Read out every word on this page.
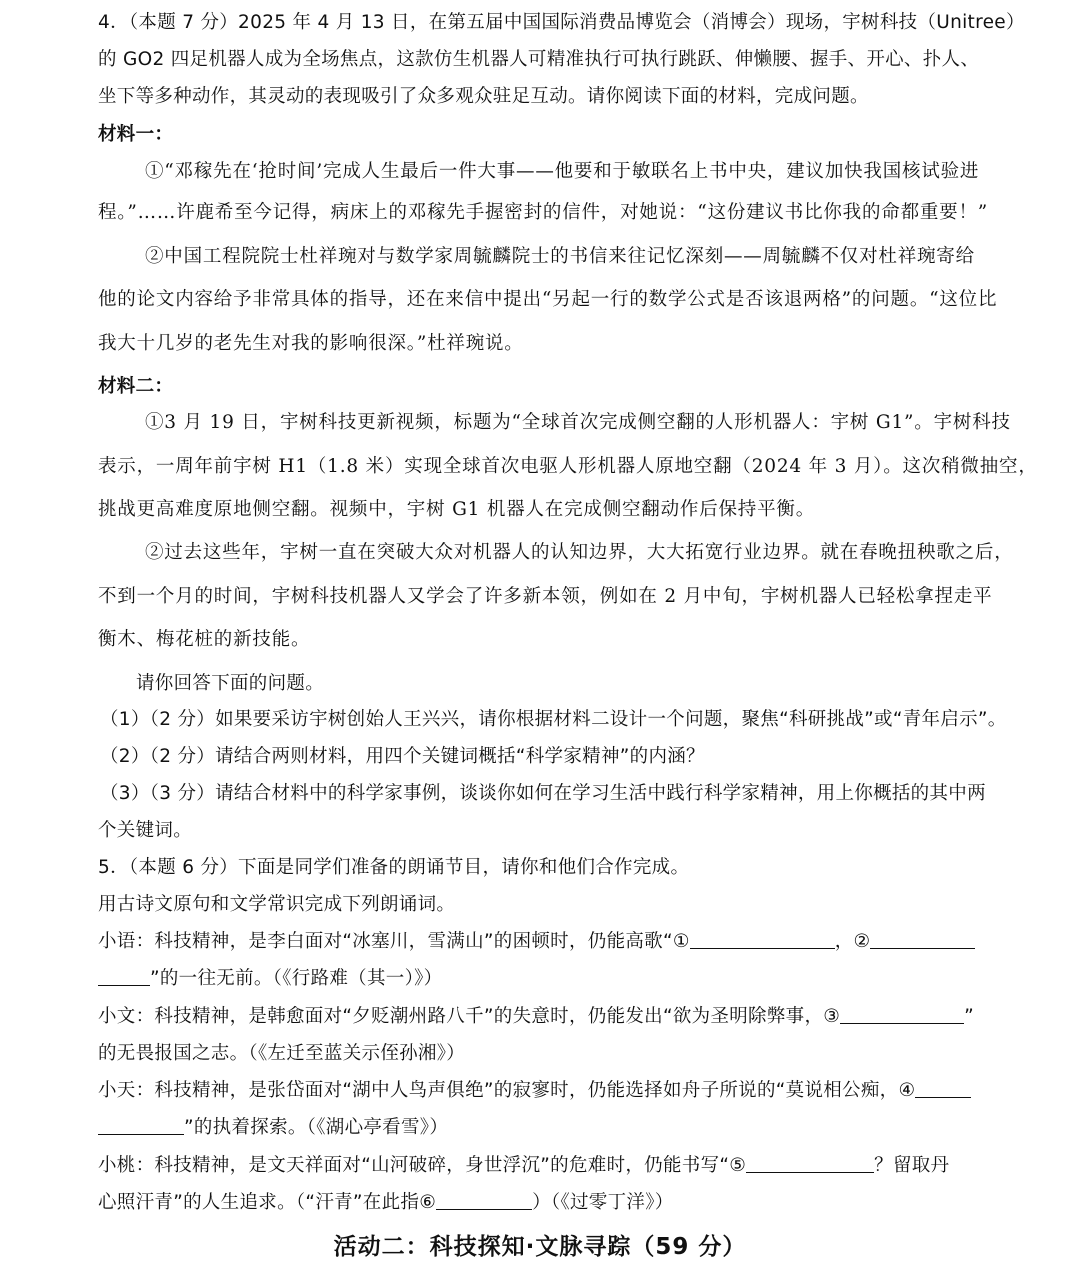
4．（本题 7 分）2025 年 4 月 13 日，在第五届中国国际消费品博览会（消博会）现场，宇树科技（Unitree）
的 GO2 四足机器人成为全场焦点，这款仿生机器人可精准执行可执行跳跃、伸懒腰、握手、开心、扑人、
坐下等多种动作，其灵动的表现吸引了众多观众驻足互动。请你阅读下面的材料，完成问题。
材料一：
①“邓稼先在‘抢时间’完成人生最后一件大事——他要和于敏联名上书中央，建议加快我国核试验进
程。”……许鹿希至今记得，病床上的邓稼先手握密封的信件，对她说：“这份建议书比你我的命都重要！”
②中国工程院院士杜祥琬对与数学家周毓麟院士的书信来往记忆深刻——周毓麟不仅对杜祥琬寄给
他的论文内容给予非常具体的指导，还在来信中提出“另起一行的数学公式是否该退两格”的问题。“这位比
我大十几岁的老先生对我的影响很深。”杜祥琬说。
材料二：
①3 月 19 日，宇树科技更新视频，标题为“全球首次完成侧空翻的人形机器人：宇树 G1”。宇树科技
表示，一周年前宇树 H1（1.8 米）实现全球首次电驱人形机器人原地空翻（2024 年 3 月）。这次稍微抽空，
挑战更高难度原地侧空翻。视频中，宇树 G1 机器人在完成侧空翻动作后保持平衡。
②过去这些年，宇树一直在突破大众对机器人的认知边界，大大拓宽行业边界。就在春晚扭秧歌之后，
不到一个月的时间，宇树科技机器人又学会了许多新本领，例如在 2 月中旬，宇树机器人已轻松拿捏走平
衡木、梅花桩的新技能。
请你回答下面的问题。
（1）（2 分）如果要采访宇树创始人王兴兴，请你根据材料二设计一个问题，聚焦“科研挑战”或“青年启示”。
（2）（2 分）请结合两则材料，用四个关键词概括“科学家精神”的内涵？
（3）（3 分）请结合材料中的科学家事例，谈谈你如何在学习生活中践行科学家精神，用上你概括的其中两
个关键词。
5．（本题 6 分）下面是同学们准备的朗诵节目，请你和他们合作完成。
用古诗文原句和文学常识完成下列朗诵词。
小语：科技精神，是李白面对“冰塞川，雪满山”的困顿时，仍能高歌“①	，②
”的一往无前。（《行路难（其一）》）
小文：科技精神，是韩愈面对“夕贬潮州路八千”的失意时，仍能发出“欲为圣明除弊事，③	”
的无畏报国之志。（《左迁至蓝关示侄孙湘》）
小天：科技精神，是张岱面对“湖中人鸟声俱绝”的寂寥时，仍能选择如舟子所说的“莫说相公痴，④
”的执着探索。（《湖心亭看雪》）
小桃：科技精神，是文天祥面对“山河破碎，身世浮沉”的危难时，仍能书写“⑤	？留取丹
心照汗青”的人生追求。（“汗青”在此指⑥	）（《过零丁洋》）
活动二：科技探知·文脉寻踪（59 分）
